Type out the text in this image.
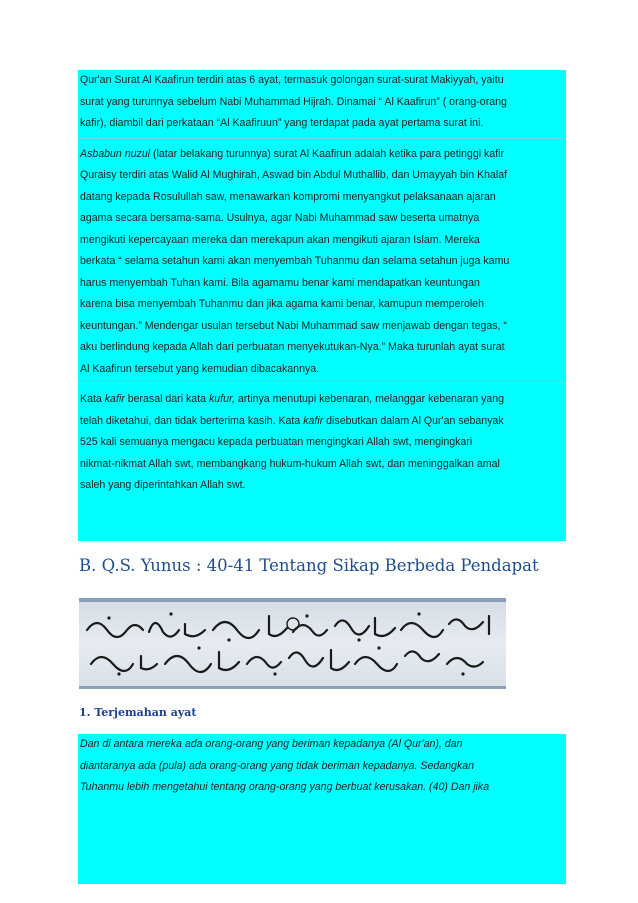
Qur'an Surat Al Kaafirun terdiri atas 6 ayat, termasuk golongan surat-surat Makiyyah, yaitu
surat yang turunnya sebelum Nabi Muhammad Hijrah. Dinamai “ Al Kaafirun” ( orang-orang
kafir), diambil dari perkataan “Al Kaafiruun” yang terdapat pada ayat pertama surat ini.

Asbabun nuzul (latar belakang turunnya) surat Al Kaafirun adalah ketika para petinggi kafir
Quraisy terdiri atas Walid Al Mughirah, Aswad bin Abdul Muthallib, dan Umayyah bin Khalaf
datang kepada Rosulullah saw, menawarkan kompromi menyangkut pelaksanaan ajaran
agama secara bersama-sama. Usulnya, agar Nabi Muhammad saw beserta umatnya
mengikuti kepercayaan mereka dan merekapun akan mengikuti ajaran Islam. Mereka
berkata “ selama setahun kami akan menyembah Tuhanmu dan selama setahun juga kamu
harus menyembah Tuhan kami. Bila agamamu benar kami mendapatkan keuntungan
karena bisa menyembah Tuhanmu dan jika agama kami benar, kamupun memperoleh
keuntungan.” Mendengar usulan tersebut Nabi Muhammad saw menjawab dengan tegas, “
aku berlindung kepada Allah dari perbuatan menyekutukan-Nya.” Maka turunlah ayat surat
Al Kaafirun tersebut yang kemudian dibacakannya.

Kata kafir berasal dari kata kufur, artinya menutupi kebenaran, melanggar kebenaran yang
telah diketahui, dan tidak berterima kasih. Kata kafir disebutkan dalam Al Qur'an sebanyak
525 kali semuanya mengacu kepada perbuatan mengingkari Allah swt, mengingkari
nikmat-nikmat Allah swt, membangkang hukum-hukum Allah swt, dan meninggalkan amal
saleh yang diperintahkan Allah swt.

B. Q.S. Yunus : 40-41 Tentang Sikap Berbeda Pendapat
1. Terjemahan ayat

Dan di antara mereka ada orang-orang yang beriman kepadanya (Al Qur'an), dan
diantaranya ada (pula) ada orang-orang yang tidak beriman kepadanya. Sedangkan
Tuhanmu lebih mengetahui tentang orang-orang yang berbuat kerusakan. (40) Dan jika
